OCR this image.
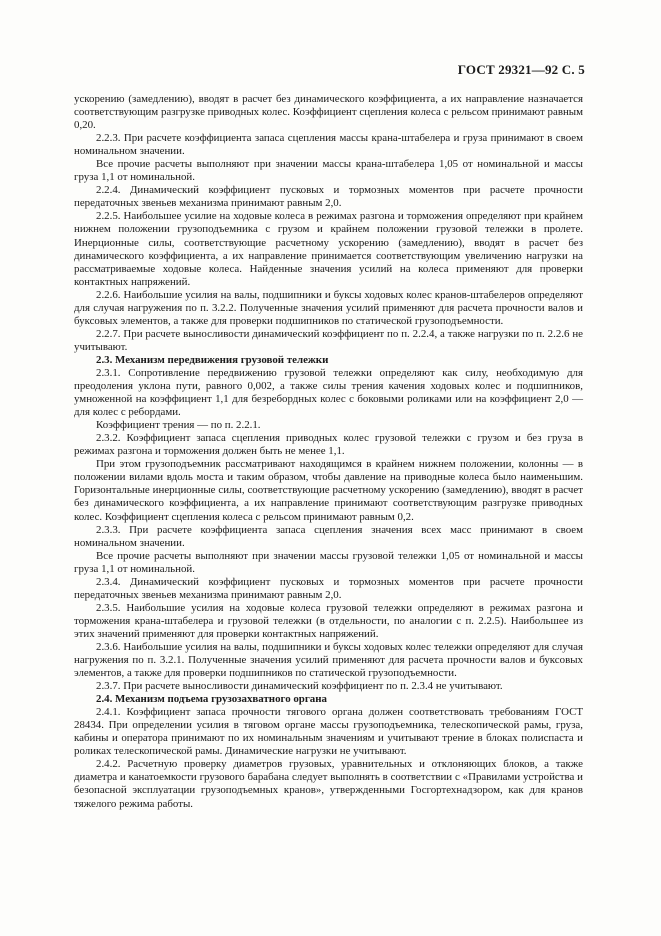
ГОСТ 29321—92 С. 5

ускорению (замедлению), вводят в расчет без динамического коэффициента, а их направление назначается соответствующим разгрузке приводных колес. Коэффициент сцепления колеса с рельсом принимают равным 0,20.

2.2.3. При расчете коэффициента запаса сцепления массы крана-штабелера и груза принимают в своем номинальном значении.

Все прочие расчеты выполняют при значении массы крана-штабелера 1,05 от номинальной и массы груза 1,1 от номинальной.

2.2.4. Динамический коэффициент пусковых и тормозных моментов при расчете прочности передаточных звеньев механизма принимают равным 2,0.

2.2.5. Наибольшее усилие на ходовые колеса в режимах разгона и торможения определяют при крайнем нижнем положении грузоподъемника с грузом и крайнем положении грузовой тележки в пролете. Инерционные силы, соответствующие расчетному ускорению (замедлению), вводят в расчет без динамического коэффициента, а их направление принимается соответствующим увеличению нагрузки на рассматриваемые ходовые колеса. Найденные значения усилий на колеса применяют для проверки контактных напряжений.

2.2.6. Наибольшие усилия на валы, подшипники и буксы ходовых колес кранов-штабелеров определяют для случая нагружения по п. 3.2.2. Полученные значения усилий применяют для расчета прочности валов и буксовых элементов, а также для проверки подшипников по статической грузоподъемности.

2.2.7. При расчете выносливости динамический коэффициент по п. 2.2.4, а также нагрузки по п. 2.2.6 не учитывают.

2.3. Механизм передвижения грузовой тележки

2.3.1. Сопротивление передвижению грузовой тележки определяют как силу, необходимую для преодоления уклона пути, равного 0,002, а также силы трения качения ходовых колес и подшипников, умноженной на коэффициент 1,1 для безребордных колес с боковыми роликами или на коэффициент 2,0 — для колес с ребордами.

Коэффициент трения — по п. 2.2.1.

2.3.2. Коэффициент запаса сцепления приводных колес грузовой тележки с грузом и без груза в режимах разгона и торможения должен быть не менее 1,1.

При этом грузоподъемник рассматривают находящимся в крайнем нижнем положении, колонны — в положении вилами вдоль моста и таким образом, чтобы давление на приводные колеса было наименьшим. Горизонтальные инерционные силы, соответствующие расчетному ускорению (замедлению), вводят в расчет без динамического коэффициента, а их направление принимают соответствующим разгрузке приводных колес. Коэффициент сцепления колеса с рельсом принимают равным 0,2.

2.3.3. При расчете коэффициента запаса сцепления значения всех масс принимают в своем номинальном значении.

Все прочие расчеты выполняют при значении массы грузовой тележки 1,05 от номинальной и массы груза 1,1 от номинальной.

2.3.4. Динамический коэффициент пусковых и тормозных моментов при расчете прочности передаточных звеньев механизма принимают равным 2,0.

2.3.5. Наибольшие усилия на ходовые колеса грузовой тележки определяют в режимах разгона и торможения крана-штабелера и грузовой тележки (в отдельности, по аналогии с п. 2.2.5). Наибольшее из этих значений применяют для проверки контактных напряжений.

2.3.6. Наибольшие усилия на валы, подшипники и буксы ходовых колес тележки определяют для случая нагружения по п. 3.2.1. Полученные значения усилий применяют для расчета прочности валов и буксовых элементов, а также для проверки подшипников по статической грузоподъемности.

2.3.7. При расчете выносливости динамический коэффициент по п. 2.3.4 не учитывают.

2.4. Механизм подъема грузозахватного органа

2.4.1. Коэффициент запаса прочности тягового органа должен соответствовать требованиям ГОСТ 28434. При определении усилия в тяговом органе массы грузоподъемника, телескопической рамы, груза, кабины и оператора принимают по их номинальным значениям и учитывают трение в блоках полиспаста и роликах телескопической рамы. Динамические нагрузки не учитывают.

2.4.2. Расчетную проверку диаметров грузовых, уравнительных и отклоняющих блоков, а также диаметра и канатоемкости грузового барабана следует выполнять в соответствии с «Правилами устройства и безопасной эксплуатации грузоподъемных кранов», утвержденными Госгортехнадзором, как для кранов тяжелого режима работы.
